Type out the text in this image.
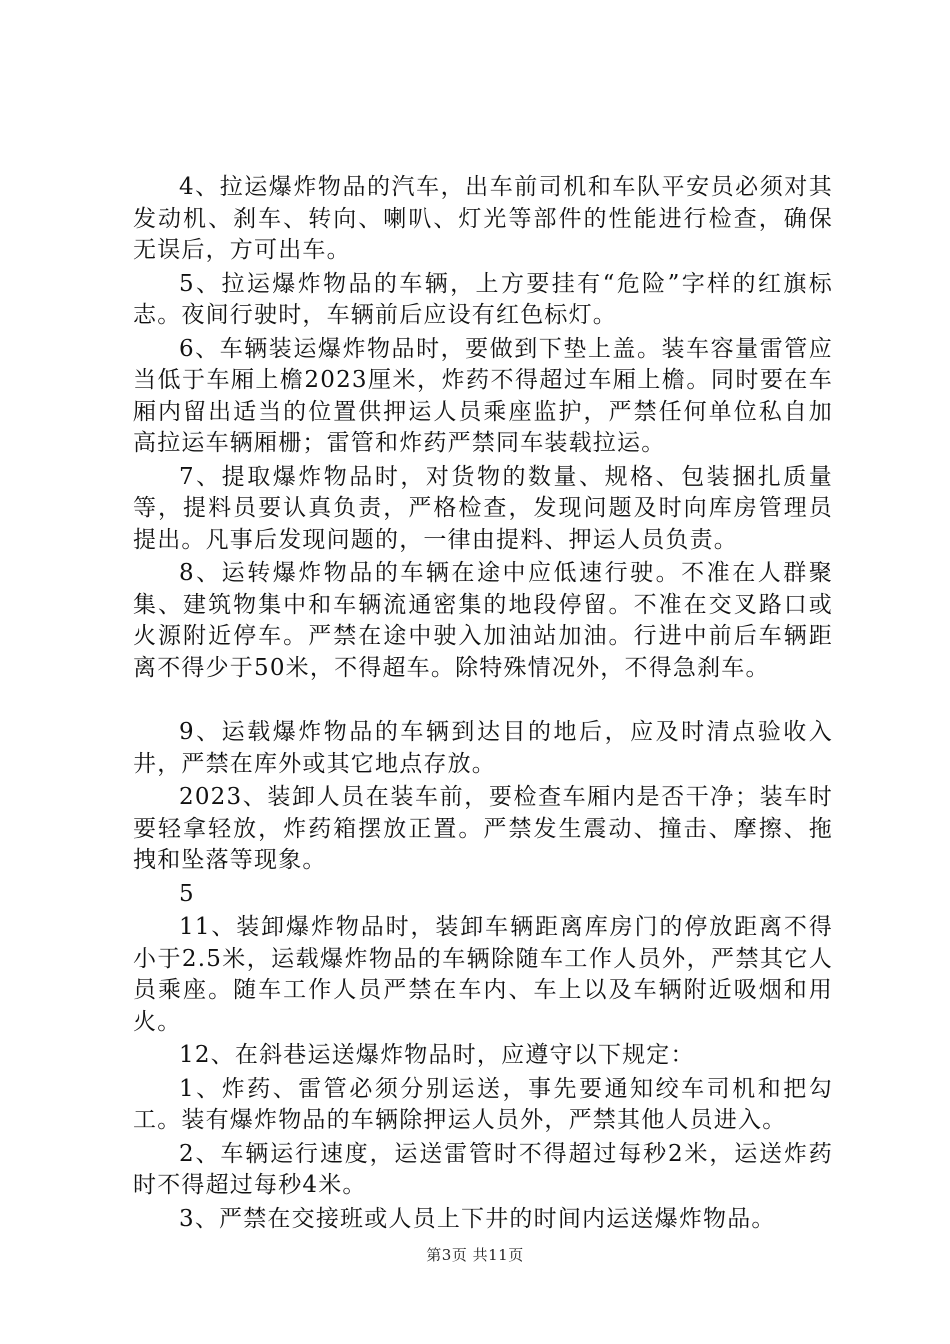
4、拉运爆炸物品的汽车，出车前司机和车队平安员必须对其发动机、刹车、转向、喇叭、灯光等部件的性能进行检查，确保无误后，方可出车。

5、拉运爆炸物品的车辆，上方要挂有“危险”字样的红旗标志。夜间行驶时，车辆前后应设有红色标灯。

6、车辆装运爆炸物品时，要做到下垫上盖。装车容量雷管应当低于车厢上檐2023厘米，炸药不得超过车厢上檐。同时要在车厢内留出适当的位置供押运人员乘座监护，严禁任何单位私自加高拉运车辆厢栅；雷管和炸药严禁同车装载拉运。

7、提取爆炸物品时，对货物的数量、规格、包装捆扎质量等，提料员要认真负责，严格检查，发现问题及时向库房管理员提出。凡事后发现问题的，一律由提料、押运人员负责。

8、运转爆炸物品的车辆在途中应低速行驶。不准在人群聚集、建筑物集中和车辆流通密集的地段停留。不准在交叉路口或火源附近停车。严禁在途中驶入加油站加油。行进中前后车辆距离不得少于50米，不得超车。除特殊情况外，不得急刹车。

9、运载爆炸物品的车辆到达目的地后，应及时清点验收入井，严禁在库外或其它地点存放。

2023、装卸人员在装车前，要检查车厢内是否干净；装车时要轻拿轻放，炸药箱摆放正置。严禁发生震动、撞击、摩擦、拖拽和坠落等现象。

5

11、装卸爆炸物品时，装卸车辆距离库房门的停放距离不得小于2.5米，运载爆炸物品的车辆除随车工作人员外，严禁其它人员乘座。随车工作人员严禁在车内、车上以及车辆附近吸烟和用火。

12、在斜巷运送爆炸物品时，应遵守以下规定：

1、炸药、雷管必须分别运送，事先要通知绞车司机和把勾工。装有爆炸物品的车辆除押运人员外，严禁其他人员进入。

2、车辆运行速度，运送雷管时不得超过每秒2米，运送炸药时不得超过每秒4米。

3、严禁在交接班或人员上下井的时间内运送爆炸物品。

第3页 共11页
